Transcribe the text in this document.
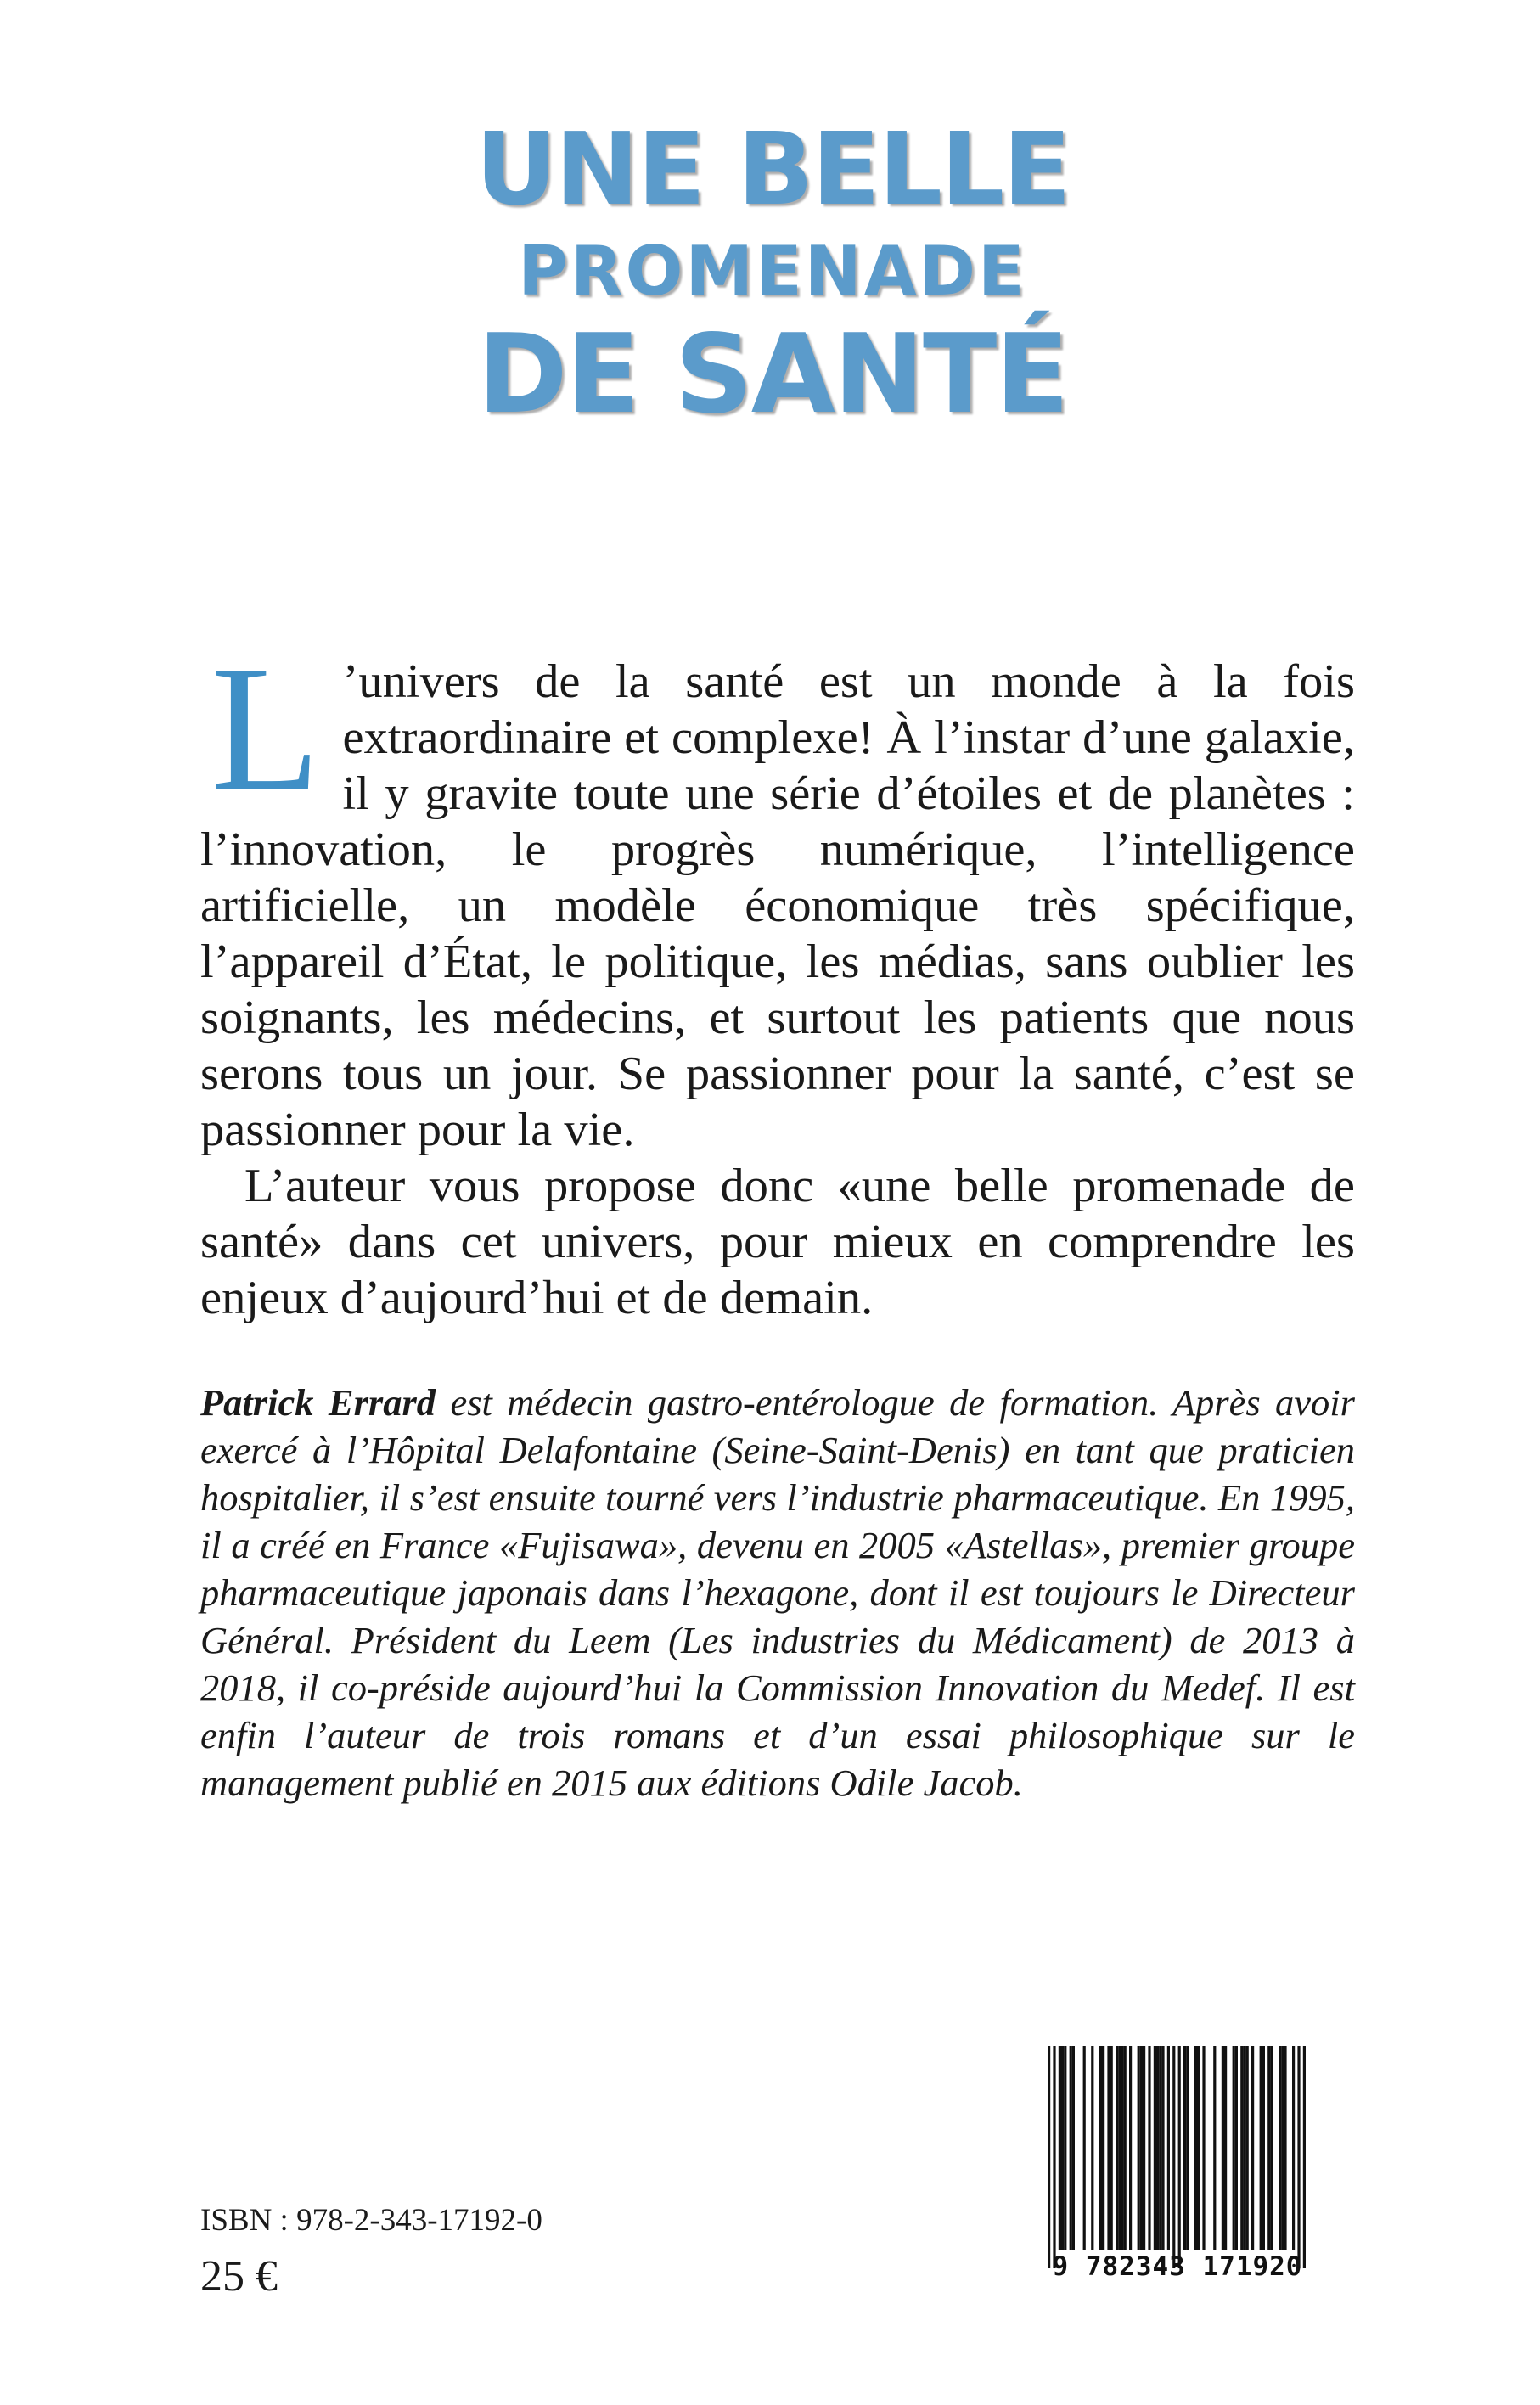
UNE BELLE
PROMENADE
DE SANTÉ

L ’univers de la santé est un monde à la fois extraordinaire et complexe! À l’instar d’une galaxie, il y gravite toute une série d’étoiles et de planètes : l’innovation, le progrès numérique, l’intelligence artificielle, un modèle économique très spécifique, l’appareil d’État, le politique, les médias, sans oublier les soignants, les médecins, et surtout les patients que nous serons tous un jour. Se passionner pour la santé, c’est se passionner pour la vie.

L’auteur vous propose donc «une belle promenade de santé» dans cet univers, pour mieux en comprendre les enjeux d’aujourd’hui et de demain.

Patrick Errard est médecin gastro-entérologue de formation. Après avoir exercé à l’Hôpital Delafontaine (Seine-Saint-Denis) en tant que praticien hospitalier, il s’est ensuite tourné vers l’industrie pharmaceutique. En 1995, il a créé en France «Fujisawa», devenu en 2005 «Astellas», premier groupe pharmaceutique japonais dans l’hexagone, dont il est toujours le Directeur Général. Président du Leem (Les industries du Médicament) de 2013 à 2018, il co-préside aujourd’hui la Commission Innovation du Medef. Il est enfin l’auteur de trois romans et d’un essai philosophique sur le management publié en 2015 aux éditions Odile Jacob.
ISBN : 978-2-343-17192-0
25 €	9 782343 171920
